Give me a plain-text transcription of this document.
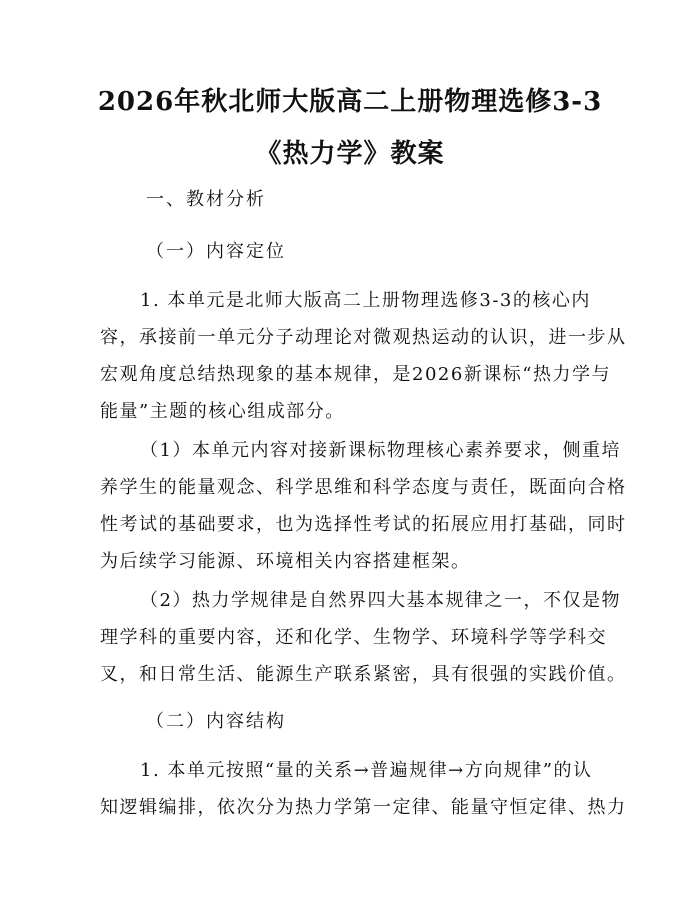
2026年秋北师大版高二上册物理选修3-3
《热力学》教案
一、教材分析
（一）内容定位
1. 本单元是北师大版高二上册物理选修3-3的核心内
容，承接前一单元分子动理论对微观热运动的认识，进一步从
宏观角度总结热现象的基本规律，是2026新课标“热力学与
能量”主题的核心组成部分。
（1）本单元内容对接新课标物理核心素养要求，侧重培
养学生的能量观念、科学思维和科学态度与责任，既面向合格
性考试的基础要求，也为选择性考试的拓展应用打基础，同时
为后续学习能源、环境相关内容搭建框架。
（2）热力学规律是自然界四大基本规律之一，不仅是物
理学科的重要内容，还和化学、生物学、环境科学等学科交
叉，和日常生活、能源生产联系紧密，具有很强的实践价值。
（二）内容结构
1. 本单元按照“量的关系→普遍规律→方向规律”的认
知逻辑编排，依次分为热力学第一定律、能量守恒定律、热力
